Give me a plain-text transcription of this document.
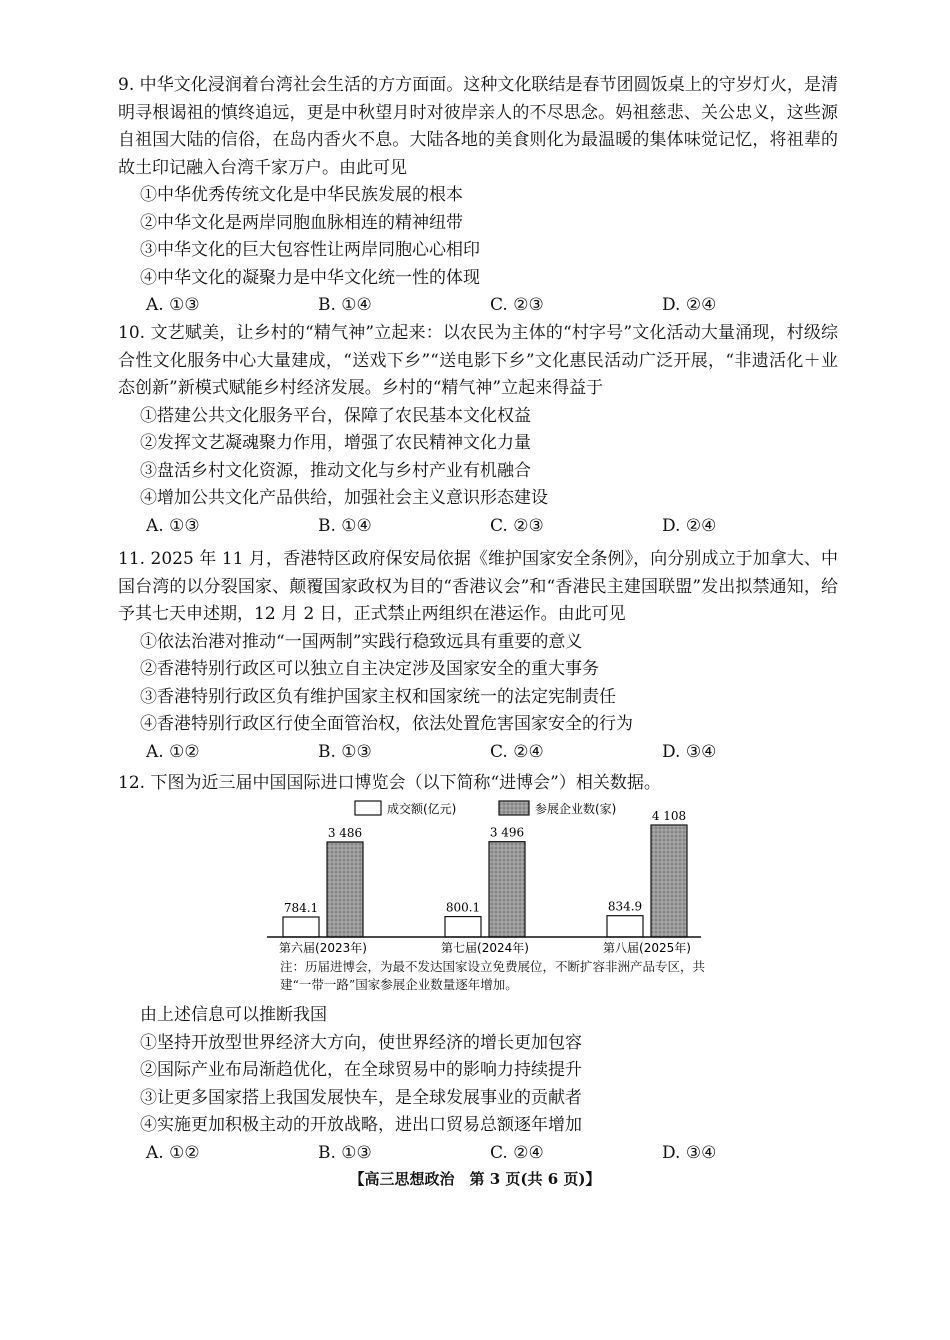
9. 中华文化浸润着台湾社会生活的方方面面。这种文化联结是春节团圆饭桌上的守岁灯火，是清明寻根谒祖的慎终追远，更是中秋望月时对彼岸亲人的不尽思念。妈祖慈悲、关公忠义，这些源自祖国大陆的信俗，在岛内香火不息。大陆各地的美食则化为最温暖的集体味觉记忆，将祖辈的故土印记融入台湾千家万户。由此可见

①中华优秀传统文化是中华民族发展的根本
②中华文化是两岸同胞血脉相连的精神纽带
③中华文化的巨大包容性让两岸同胞心心相印
④中华文化的凝聚力是中华文化统一性的体现
A. ①③	B. ①④	C. ②③	D. ②④

10. 文艺赋美，让乡村的“精气神”立起来：以农民为主体的“村字号”文化活动大量涌现，村级综合性文化服务中心大量建成，“送戏下乡”“送电影下乡”文化惠民活动广泛开展，“非遗活化＋业态创新”新模式赋能乡村经济发展。乡村的“精气神”立起来得益于

①搭建公共文化服务平台，保障了农民基本文化权益
②发挥文艺凝魂聚力作用，增强了农民精神文化力量
③盘活乡村文化资源，推动文化与乡村产业有机融合
④增加公共文化产品供给，加强社会主义意识形态建设
A. ①③	B. ①④	C. ②③	D. ②④

11. 2025 年 11 月，香港特区政府保安局依据《维护国家安全条例》，向分别成立于加拿大、中国台湾的以分裂国家、颠覆国家政权为目的“香港议会”和“香港民主建国联盟”发出拟禁通知，给予其七天申述期，12 月 2 日，正式禁止两组织在港运作。由此可见

①依法治港对推动“一国两制”实践行稳致远具有重要的意义
②香港特别行政区可以独立自主决定涉及国家安全的重大事务
③香港特别行政区负有维护国家主权和国家统一的法定宪制责任
④香港特别行政区行使全面管治权，依法处置危害国家安全的行为
A. ①②	B. ①③	C. ②④	D. ③④

12. 下图为近三届中国国际进口博览会（以下简称“进博会”）相关数据。

成交额(亿元)	参展企业数(家)
784.1
3 486
800.1
3 496
834.9
4 108
第六届(2023年)	第七届(2024年)	第八届(2025年)
注：历届进博会，为最不发达国家设立免费展位，不断扩容非洲产品专区，共建“一带一路”国家参展企业数量逐年增加。
由上述信息可以推断我国
①坚持开放型世界经济大方向，使世界经济的增长更加包容
②国际产业布局渐趋优化，在全球贸易中的影响力持续提升
③让更多国家搭上我国发展快车，是全球发展事业的贡献者
④实施更加积极主动的开放战略，进出口贸易总额逐年增加
A. ①②	B. ①③	C. ②④	D. ③④
【高三思想政治　第 3 页(共 6 页)】
